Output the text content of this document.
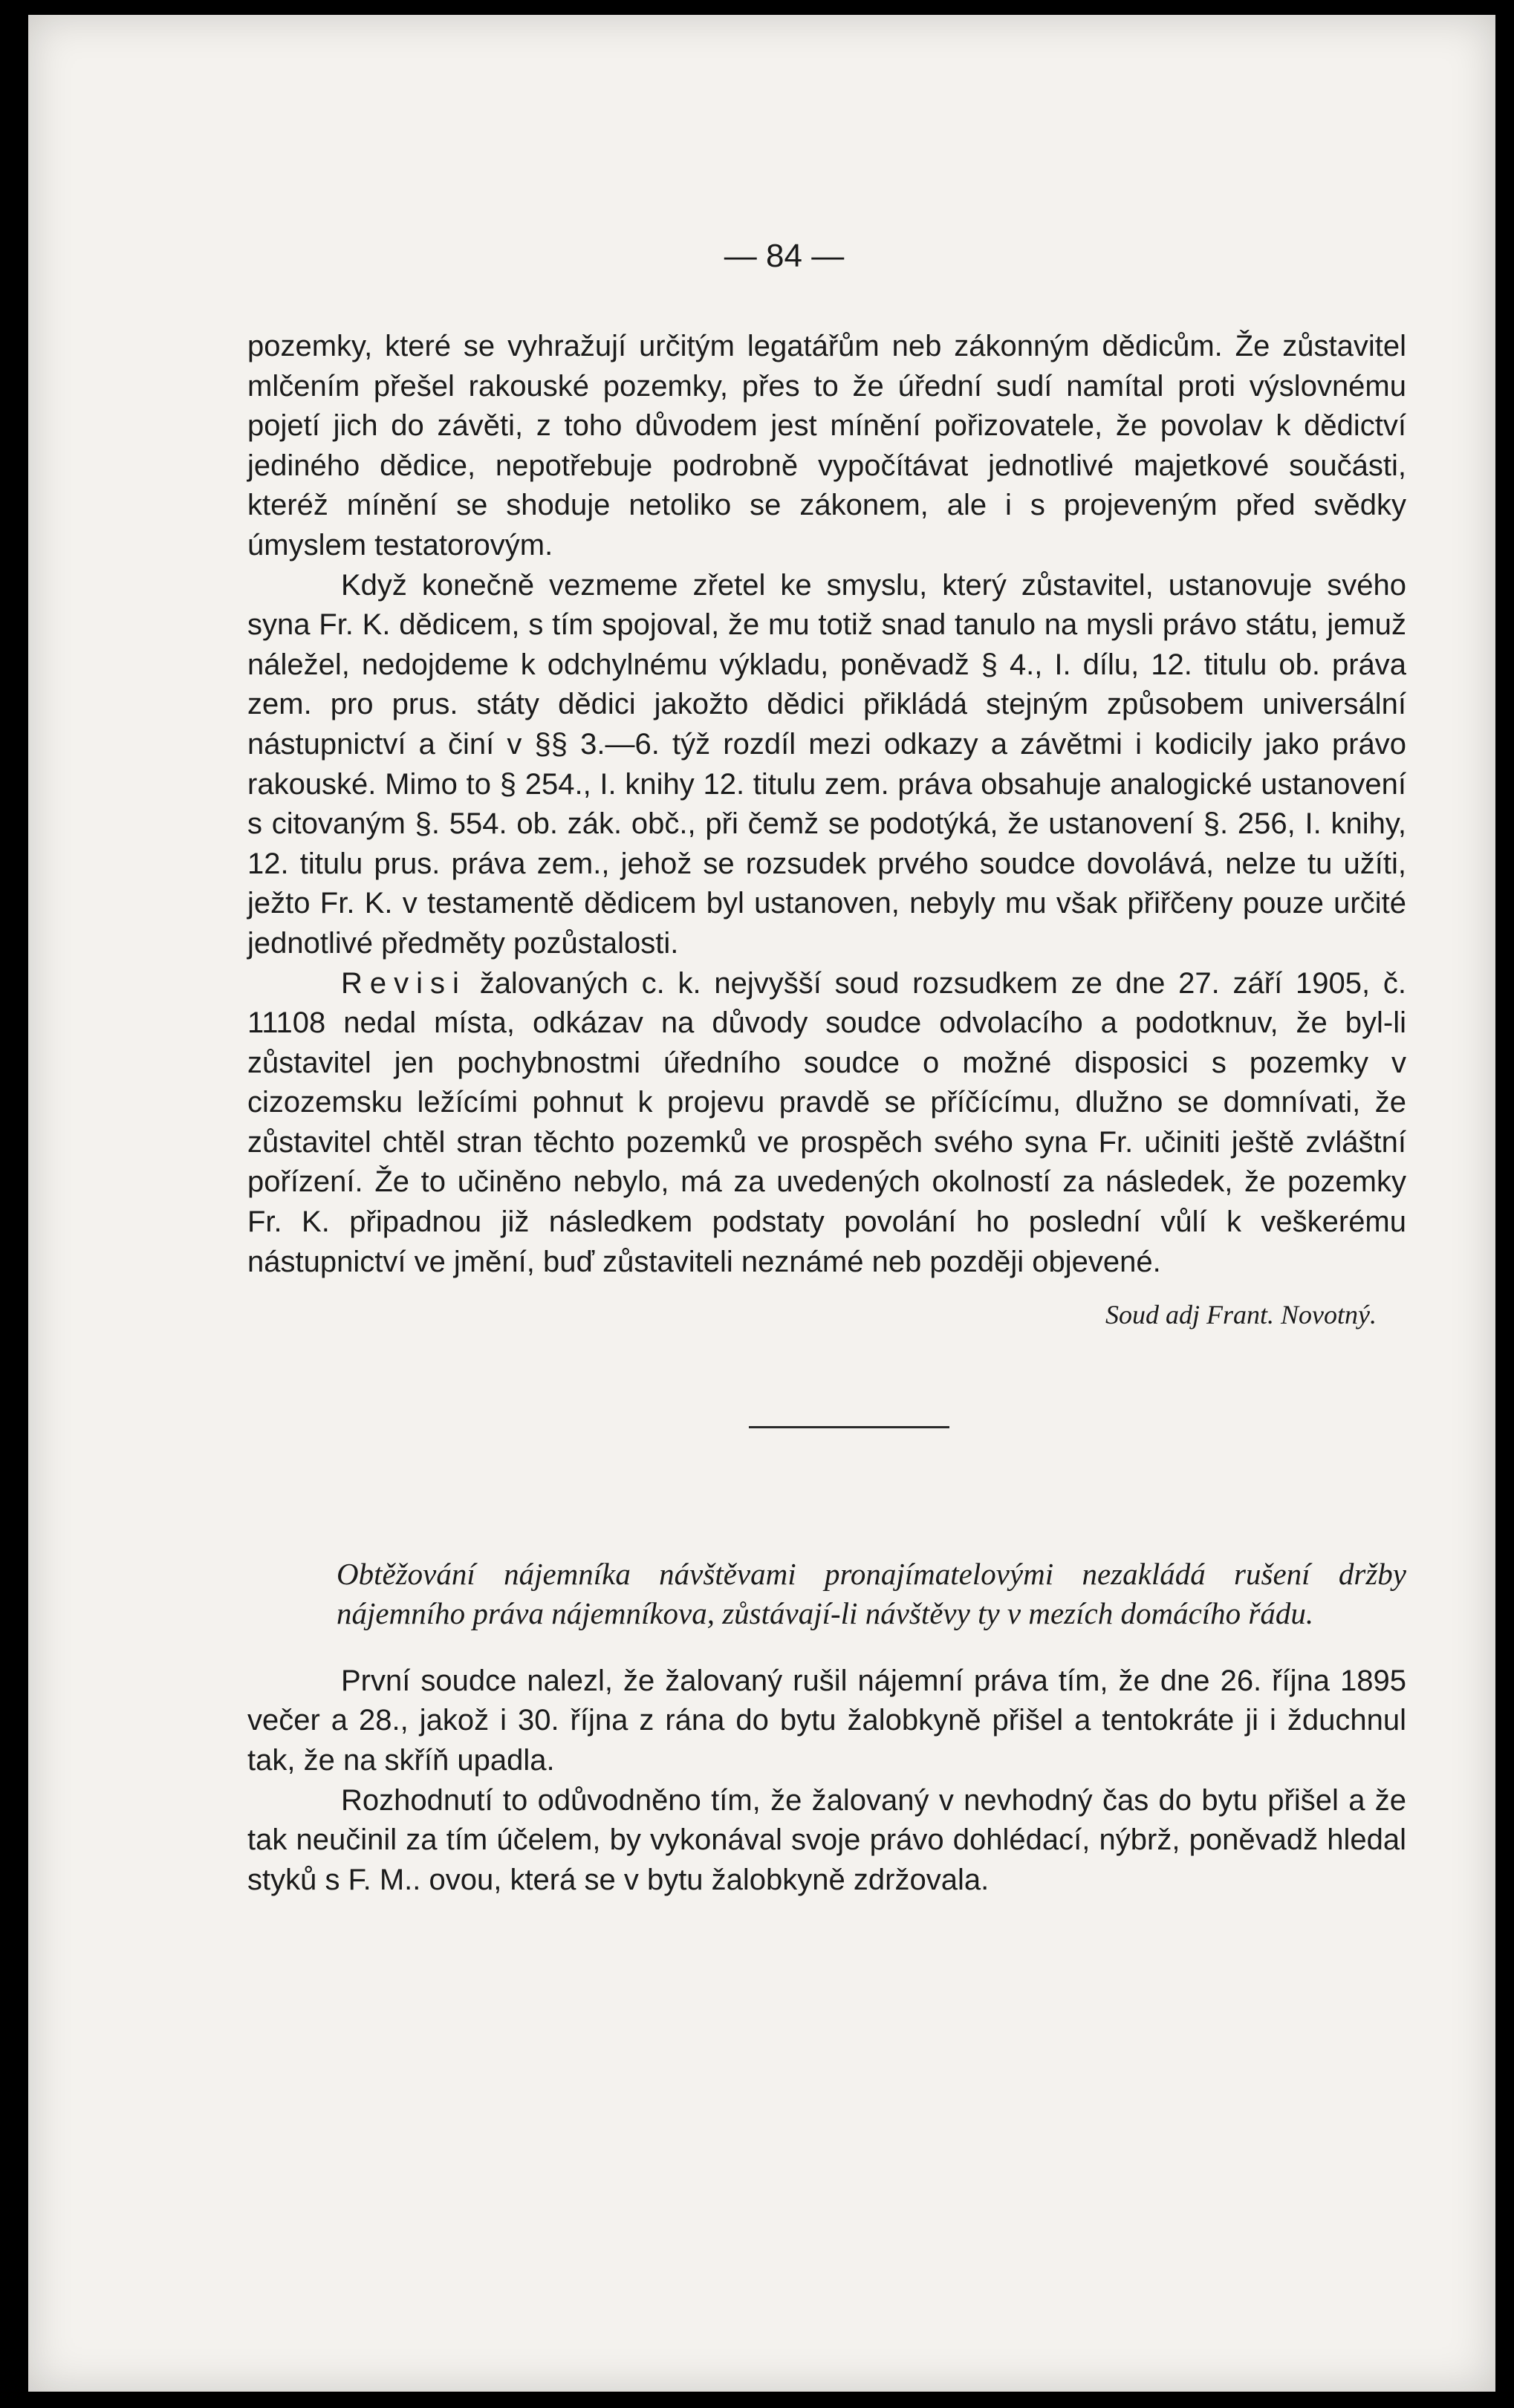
— 84 —

pozemky, které se vyhražují určitým legatářům neb zákonným dědicům. Že zůstavitel mlčením přešel rakouské pozemky, přes to že úřední sudí namítal proti výslovnému pojetí jich do závěti, z toho důvodem jest mínění pořizovatele, že povolav k dědictví jediného dědice, nepotřebuje podrobně vypočítávat jednotlivé majetkové součásti, kteréž mínění se shoduje netoliko se zákonem, ale i s projeveným před svědky úmyslem testatorovým.

Když konečně vezmeme zřetel ke smyslu, který zůstavitel, ustanovuje svého syna Fr. K. dědicem, s tím spojoval, že mu totiž snad tanulo na mysli právo státu, jemuž náležel, nedojdeme k odchylnému výkladu, poněvadž § 4., I. dílu, 12. titulu ob. práva zem. pro prus. státy dědici jakožto dědici přikládá stejným způsobem universální nástupnictví a činí v §§ 3.—6. týž rozdíl mezi odkazy a závětmi i kodicily jako právo rakouské. Mimo to § 254., I. knihy 12. titulu zem. práva obsahuje analogické ustanovení s citovaným §. 554. ob. zák. obč., při čemž se podotýká, že ustanovení §. 256, I. knihy, 12. titulu prus. práva zem., jehož se rozsudek prvého soudce dovolává, nelze tu užíti, ježto Fr. K. v testamentě dědicem byl ustanoven, nebyly mu však přiřčeny pouze určité jednotlivé předměty pozůstalosti.

Revisi žalovaných c. k. nejvyšší soud rozsudkem ze dne 27. září 1905, č. 11108 nedal místa, odkázav na důvody soudce odvolacího a podotknuv, že byl-li zůstavitel jen pochybnostmi úředního soudce o možné disposici s pozemky v cizozemsku ležícími pohnut k projevu pravdě se příčícímu, dlužno se domnívati, že zůstavitel chtěl stran těchto pozemků ve prospěch svého syna Fr. učiniti ještě zvláštní pořízení. Že to učiněno nebylo, má za uvedených okolností za následek, že pozemky Fr. K. připadnou již následkem podstaty povolání ho poslední vůlí k veškerému nástupnictví ve jmění, buď zůstaviteli neznámé neb později objevené.

Soud adj Frant. Novotný.

Obtěžování nájemníka návštěvami pronajímatelovými nezakládá rušení držby nájemního práva nájemníkova, zůstávají-li návštěvy ty v mezích domácího řádu.

První soudce nalezl, že žalovaný rušil nájemní práva tím, že dne 26. října 1895 večer a 28., jakož i 30. října z rána do bytu žalobkyně přišel a tentokráte ji i žduchnul tak, že na skříň upadla.

Rozhodnutí to odůvodněno tím, že žalovaný v nevhodný čas do bytu přišel a že tak neučinil za tím účelem, by vykonával svoje právo dohlédací, nýbrž, poněvadž hledal styků s F. M.. ovou, která se v bytu žalobkyně zdržovala.
